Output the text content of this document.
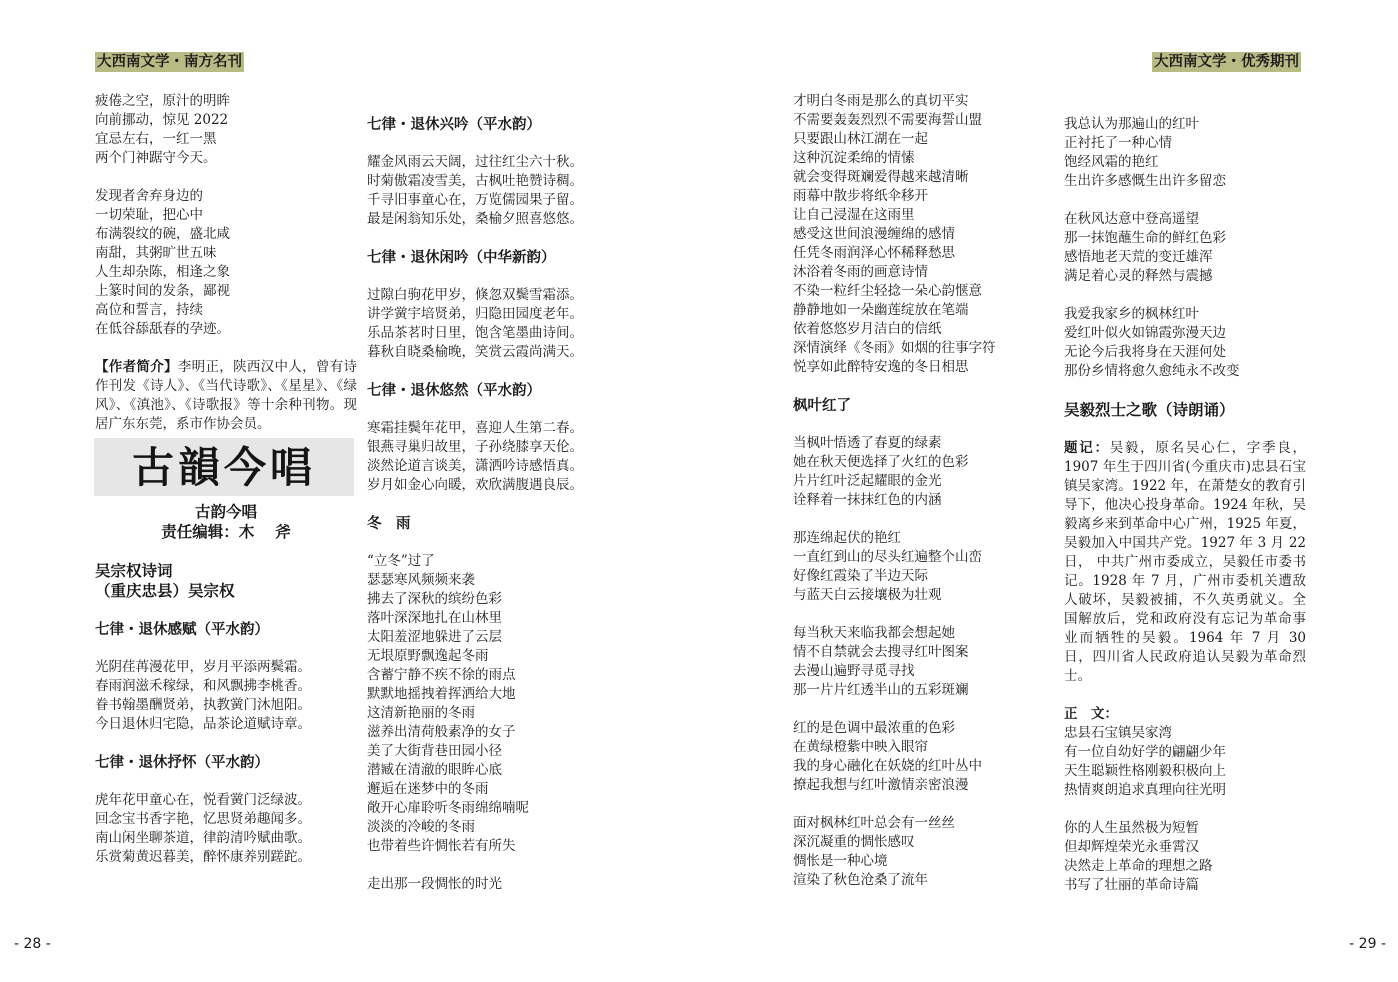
大西南文学・南方名刊	大西南文学・优秀期刊
疲倦之空，原汁的明眸
向前挪动，惊见 2022
宜忌左右，一红一黑
两个门神踞守今天。
发现者舍弃身边的
一切荣耻，把心中
布满裂纹的碗，盛北咸
南甜，其粥旷世五味
人生却杂陈，相逢之象
上篆时间的发条，鄙视
高位和誓言，持续
在低谷舔舐春的孕迹。
【作者简介】李明正，陕西汉中人，曾有诗作刊发《诗人》、《当代诗歌》、《星星》、《绿风》、《滇池》、《诗歌报》等十余种刊物。现居广东东莞，系市作协会员。
古韻今唱
古韵今唱
责任编辑：木　 斧
吴宗权诗词
（重庆忠县）吴宗权
七律・退休感赋（平水韵）
光阴荏苒漫花甲，岁月平添两鬓霜。
春雨润滋禾稼绿，和风飘拂李桃香。
眷书翰墨酬贤弟，执教黉门沐旭阳。
今日退休归宅隐，品茶论道赋诗章。
七律・退休抒怀（平水韵）
虎年花甲童心在，悦看黉门泛绿波。
回念宝书香字艳，忆思贤弟趣闻多。
南山闲坐聊茶道，律韵清吟赋曲歌。
乐赏菊黄迟暮美，醉怀康养别蹉跎。
七律・退休兴吟（平水韵）
耀金风雨云天阔，过往红尘六十秋。
时菊傲霜凌雪美，古枫吐艳赞诗稠。
千寻旧事童心在，万览儒园果子留。
最是闲翁知乐处，桑榆夕照喜悠悠。
七律・退休闲吟（中华新韵）
过隙白驹花甲岁，倏忽双鬓雪霜添。
讲学黉宇培贤弟，归隐田园度老年。
乐品茶茗时日里，饱含笔墨曲诗间。
暮秋自晓桑榆晚，笑赏云霞尚满天。
七律・退休悠然（平水韵）
寒霜挂鬓年花甲，喜迎人生第二春。
银燕寻巢归故里，子孙绕膝享天伦。
淡然论道言谈美，潇洒吟诗感悟真。
岁月如金心向暖，欢欣满腹遇良辰。
冬　雨
“立冬”过了
瑟瑟寒风频频来袭
拂去了深秋的缤纷色彩
落叶深深地扎在山林里
太阳羞涩地躲进了云层
无垠原野飘逸起冬雨
含蓄宁静不疾不徐的雨点
默默地摇拽着挥洒给大地
这清新艳丽的冬雨
滋养出清荷般素净的女子
美了大街背巷田园小径
潜臧在清澈的眼眸心底
邂逅在迷梦中的冬雨
敞开心扉聆听冬雨绵绵喃呢
淡淡的冷峻的冬雨
也带着些许惆怅若有所失
走出那一段惆怅的时光
才明白冬雨是那么的真切平实
不需要轰轰烈烈不需要海誓山盟
只要跟山林江湖在一起
这种沉淀柔绵的情愫
就会变得斑斓爱得越来越清晰
雨幕中散步将纸伞移开
让自己浸湿在这雨里
感受这世间浪漫缠绵的感情
任凭冬雨润泽心怀稀释愁思
沐浴着冬雨的画意诗情
不染一粒纤尘轻捻一朵心韵惬意
静静地如一朵幽莲绽放在笔端
依着悠悠岁月洁白的信纸
深情演绎《冬雨》如烟的往事字符
悦享如此醉特安逸的冬日相思
枫叶红了
当枫叶悟透了春夏的绿素
她在秋天便选择了火红的色彩
片片红叶泛起耀眼的金光
诠释着一抹抹红色的内涵
那连绵起伏的艳红
一直红到山的尽头红遍整个山峦
好像红霞染了半边天际
与蓝天白云接壤极为壮观
每当秋天来临我都会想起她
情不自禁就会去搜寻红叶图案
去漫山遍野寻觅寻找
那一片片红透半山的五彩斑斓
红的是色调中最浓重的色彩
在黄绿橙紫中映入眼帘
我的身心融化在妖娆的红叶丛中
撩起我想与红叶激情亲密浪漫
面对枫林红叶总会有一丝丝
深沉凝重的惆怅感叹
惆怅是一种心境
渲染了秋色沧桑了流年
我总认为那遍山的红叶
正衬托了一种心情
饱经风霜的艳红
生出许多感慨生出许多留恋
在秋风达意中登高遥望
那一抹饱蘸生命的鲜红色彩
感悟地老天荒的变迁雄浑
满足着心灵的释然与震撼
我爱我家乡的枫林红叶
爱红叶似火如锦霞弥漫天边
无论今后我将身在天涯何处
那份乡情将愈久愈纯永不改变
吴毅烈士之歌（诗朗诵）
题记：吴毅，原名吴心仁，字季良，1907 年生于四川省(今重庆市)忠县石宝镇吴家湾。1922 年，在萧楚女的教育引导下，他决心投身革命。1924 年秋，吴毅离乡来到革命中心广州，1925 年夏，吴毅加入中国共产党。1927 年 3 月 22 日， 中共广州市委成立，吴毅任市委书记。1928 年 7 月，广州市委机关遭敌人破坏，吴毅被捕，不久英勇就义。全国解放后，党和政府没有忘记为革命事业而牺牲的吴毅。1964 年 7 月 30 日，四川省人民政府追认吴毅为革命烈士。
正　文：
忠县石宝镇吴家湾
有一位自幼好学的翩翩少年
天生聪颖性格刚毅积极向上
热情爽朗追求真理向往光明
你的人生虽然极为短暂
但却辉煌荣光永垂霄汉
决然走上革命的理想之路
书写了壮丽的革命诗篇
- 28 -	- 29 -
